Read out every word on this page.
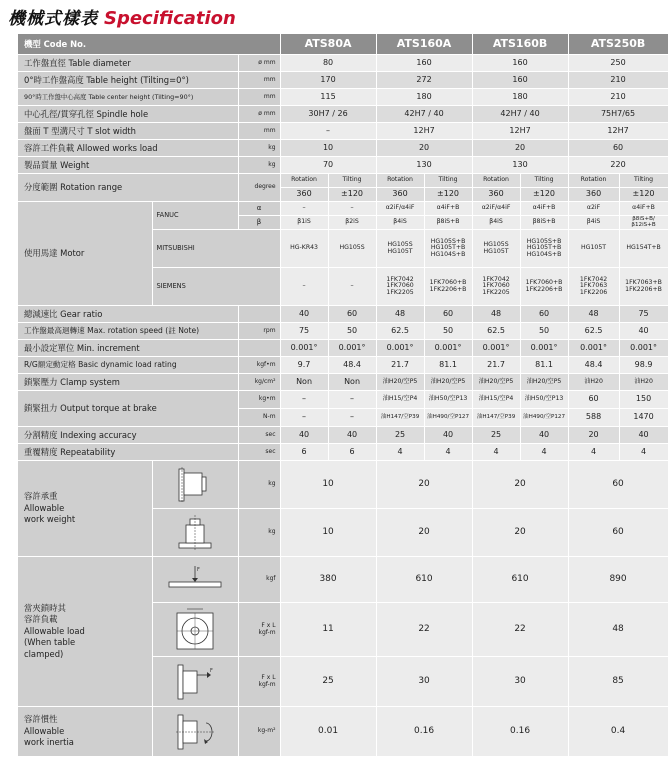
機械式樣表 Specification
機型 Code No.			ATS80A		ATS160A		ATS160B		ATS250B	
工作盤直徑 Table diameter		ø mm	80		160		160		250	
0°時工作盤高度 Table height (Tilting=0°)		mm	170		272		160		210	
90°時工作盤中心高度 Table center height (Tilting=90°)		mm	115		180		180		210	
中心孔徑/貫穿孔徑 Spindle hole		ø mm	30H7 / 26		42H7 / 40		42H7 / 40		75H7/65	
盤面 T 型溝尺寸 T slot width		mm	–		12H7		12H7		12H7	
容許工件負載 Allowed works load		kg	10		20		20		60	
製品質量 Weight		kg	70		130		130		220	
分度範圍 Rotation range		degree	Rotation	Tilting	Rotation	Tilting	Rotation	Tilting	Rotation	Tilting
			360	±120	360	±120	360	±120	360	±120
使用馬達 Motor	FANUC	α	–	–	α2iF/α4iF	α4iF+B	α2iF/α4iF	α4iF+B	α2iF	α4iF+B
		β	β1iS	β2iS	β4iS	β8iS+B	β4iS	β8iS+B	β4iS	β8iS+B/β12iS+B
	MITSUBISHI		HG-KR43	HG105S	HG105S HG105T	HG105S+B HG105T+B HG104S+B	HG105S HG105T	HG105S+B HG105T+B HG104S+B	HG105T	HG154T+B
	SIEMENS		–	–	1FK7042 1FK7060 1FK2205	1FK7060+B 1FK2206+B	1FK7042 1FK7060 1FK2205	1FK7060+B 1FK2206+B	1FK7042 1FK7063 1FK2206	1FK7063+B 1FK2206+B
總減速比 Gear ratio			40	60	48	60	48	60	48	75
工作盤最高迴轉速 Max. rotation speed (註 Note)		rpm	75	50	62.5	50	62.5	50	62.5	40
最小設定單位 Min. increment			0.001°	0.001°	0.001°	0.001°	0.001°	0.001°	0.001°	0.001°
R/G額定動定格 Basic dynamic load rating		kgf•m	9.7	48.4	21.7	81.1	21.7	81.1	48.4	98.9
鎖緊壓力 Clamp system		kg/cm²	Non	Non	油H20/空P5	油H20/空P5	油H20/空P5	油H20/空P5	油H20	油H20
鎖緊扭力 Output torque at brake		kg•m	–	–	油H15/空P4	油H50/空P13	油H15/空P4	油H50/空P13	60	150
		N-m	–	–	油H147/空P39	油H490/空P127	油H147/空P39	油H490/空P127	588	1470
分割精度 Indexing accuracy		sec	40	40	25	40	25	40	20	40
重覆精度 Repeatability		sec	6	6	4	4	4	4	4	4
容許承重
Allowable
work weight		kg	10		20		20		60	

	kg	10		20		20		60	
當夾鎖時其
容許負載
Allowable load
(When table
clamped)	F	kgf	380		610		610		890	

	F x L
kgf-m	11		22		22		48	

F	F x L
kgf-m	25		30		30		85	
容許慣性
Allowable
work inertia		kg-m²	0.01		0.16		0.16		0.4	
